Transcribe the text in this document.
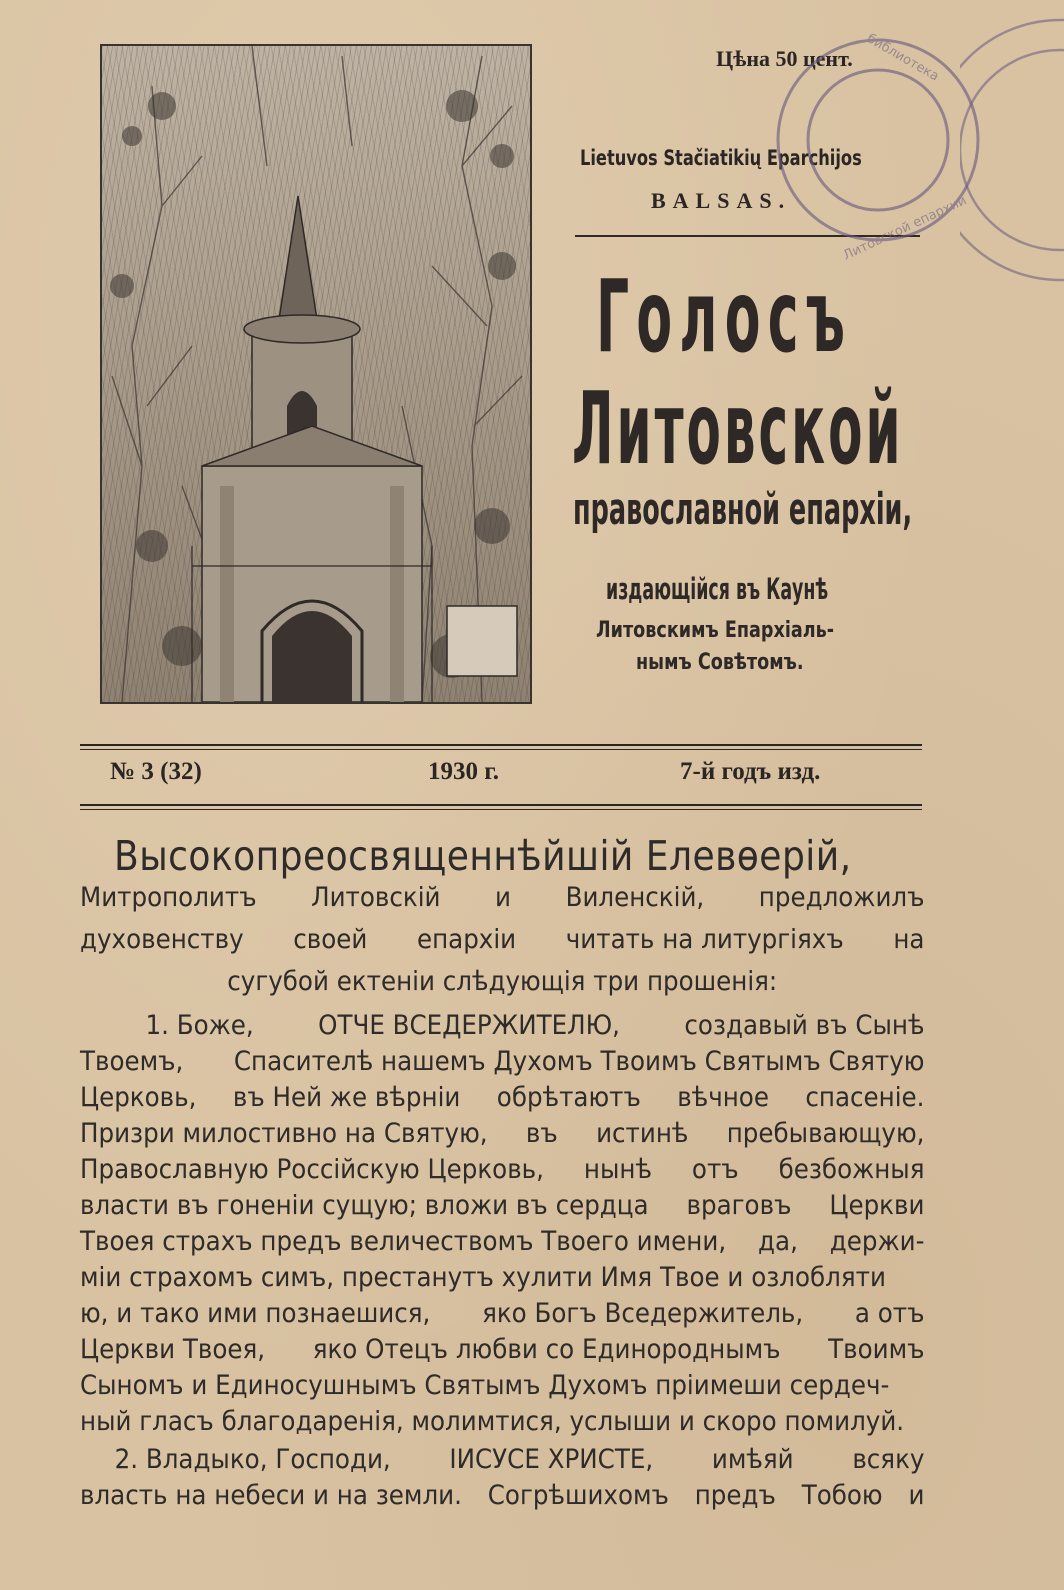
Цѣна 50 цент.
Lietuvos Stačiatikių Eparchijos
BALSAS.
Голосъ
Литовской
православной епархіи,
издающійся въ Каунѣ
Литовскимъ Епархіаль-
нымъ Совѣтомъ.
Литовской епархии
библиотека
№ 3 (32)	1930 г.	7-й годъ изд.
Высокопреосвященнѣйшій Елевѳерій,
Митрополитъ Литовскій и Виленскій, предложилъ
духовенству своей епархіи читать на литургіяхъ на
сугубой ектеніи слѣдующія три прошенія:
1. Боже, ОТЧЕ ВСЕДЕРЖИТЕЛЮ, создавый въ Сынѣ
Твоемъ, Спасителѣ нашемъ Духомъ Твоимъ Святымъ Святую
Церковь, въ Ней же вѣрніи обрѣтаютъ вѣчное спасеніе.
Призри милостивно на Святую, въ истинѣ пребывающую,
Православную Россійскую Церковь, нынѣ отъ безбожныя
власти въ гоненіи сущую; вложи въ сердца враговъ Церкви
Твоея страхъ предъ величествомъ Твоего имени, да, держи-
міи страхомъ симъ, престанутъ хулити Имя Твое и озлобляти
ю, и тако ими познаешися, яко Богъ Вседержитель, а отъ
Церкви Твоея, яко Отецъ любви со Единороднымъ Твоимъ
Сыномъ и Единосушнымъ Святымъ Духомъ пріимеши сердеч-
ный гласъ благодаренія, молимтися, услыши и скоро помилуй.
2. Владыко, Господи, ІИСУСЕ ХРИСТЕ, имѣяй всяку
власть на небеси и на земли. Согрѣшихомъ предъ Тобою и
